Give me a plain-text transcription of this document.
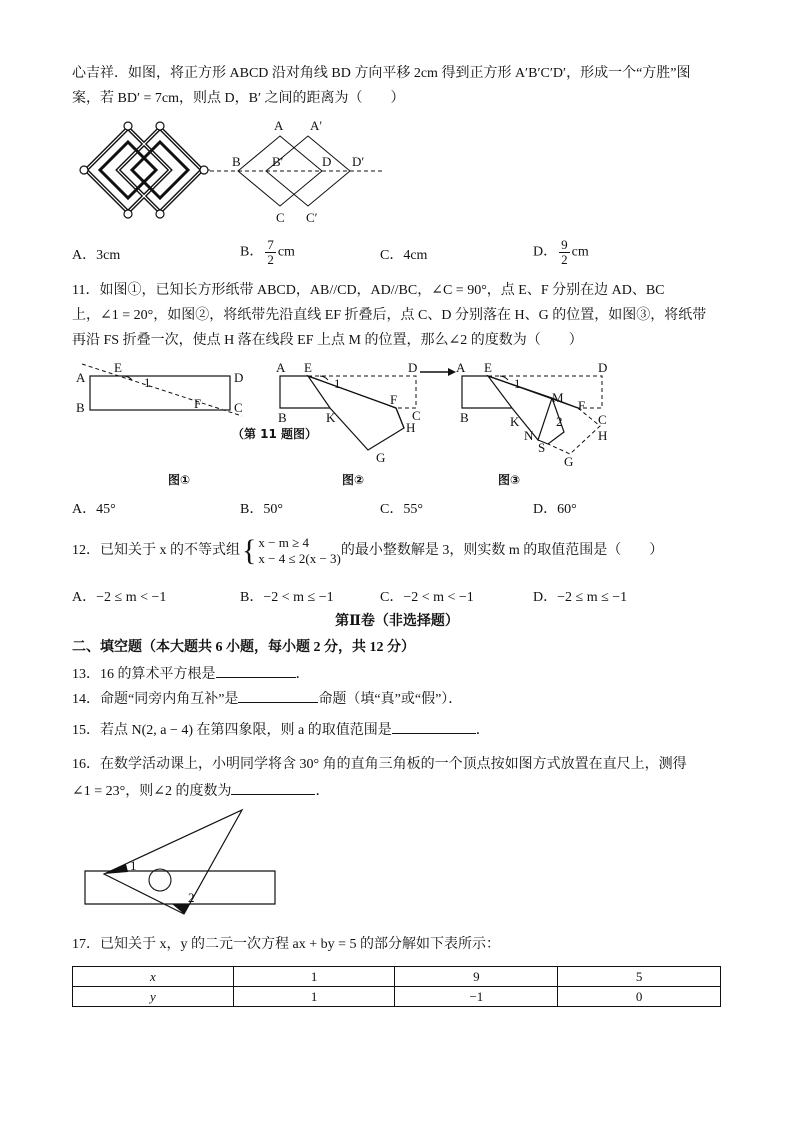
心吉祥．如图，将正方形 ABCD 沿对角线 BD 方向平移 2cm 得到正方形 A′B′C′D′，形成一个“方胜”图
案，若 BD′ = 7cm，则点 D，B′ 之间的距离为（　　）
A A′
B B′	D D′
C C′
A．3cm	B． $\frac{7}{2}$ cm	C．4cm	D． $\frac{9}{2}$ cm
11．如图①，已知长方形纸带 ABCD，AB//CD，AD//BC，∠C = 90°，点 E、F 分别在边 AD、BC
上，∠1 = 20°，如图②，将纸带先沿直线 EF 折叠后，点 C、D 分别落在 H、G 的位置，如图③，将纸带
再沿 FS 折叠一次，使点 H 落在线段 EF 上点 M 的位置，那么∠2 的度数为（　　）
A
E
1	D
B	F	C
（第 11 题图）
图①
A E
1
D
F
C
B	K
H
G
图②
A E
1
D
M
F
C
2
B	K
N	H
S
G
图③
A．45°	B．50°	C．55°	D．60°
12．已知关于 x 的不等式组{ x − m ≥ 4
x − 4 ≤ 2(x − 3)
的最小整数解是 3，则实数 m 的取值范围是（　　）
A．−2 ≤ m < −1	B．−2 < m ≤ −1	C．−2 < m < −1	D．−2 ≤ m ≤ −1
第Ⅱ卷（非选择题）
二、填空题（本大题共 6 小题，每小题 2 分，共 12 分）
13．16 的算术平方根是	．
14．命题“同旁内角互补”是	命题（填“真”或“假”）．
15．若点 N(2, a − 4) 在第四象限，则 a 的取值范围是	．
16．在数学活动课上，小明同学将含 30° 角的直角三角板的一个顶点按如图方式放置在直尺上，测得
∠1 = 23°，则∠2 的度数为	．
1
2
17．已知关于 x，y 的二元一次方程 ax + by = 5 的部分解如下表所示：
x	1	9	5
y	1	−1	0
